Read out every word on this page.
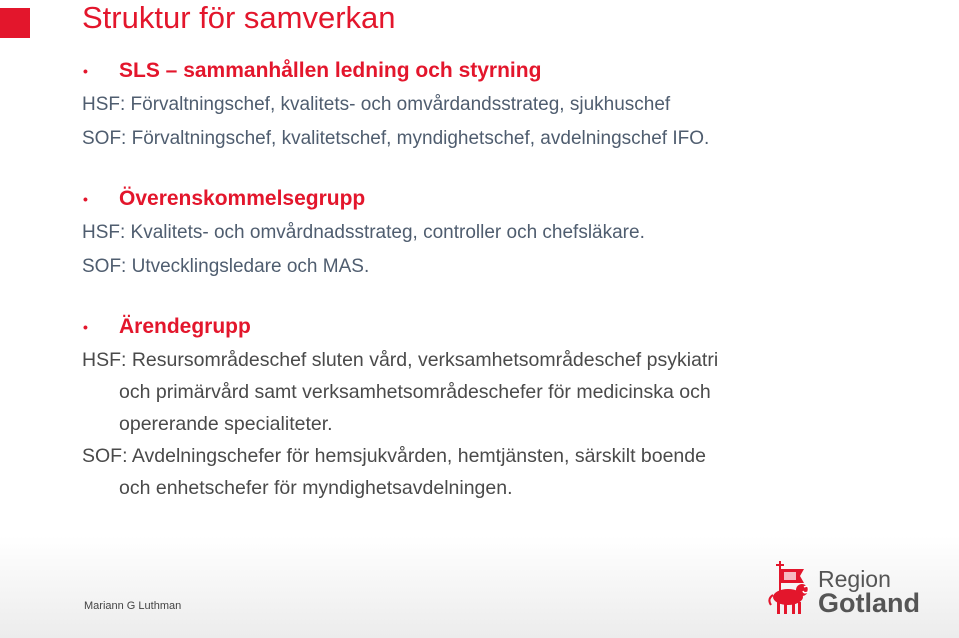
Struktur för samverkan
• SLS – sammanhållen ledning och styrning
HSF: Förvaltningschef, kvalitets- och omvårdandsstrateg, sjukhuschef
SOF: Förvaltningschef, kvalitetschef, myndighetschef, avdelningschef IFO.
• Överenskommelsegrupp
HSF: Kvalitets- och omvårdnadsstrateg, controller och chefsläkare.
SOF: Utvecklingsledare och MAS.
• Ärendegrupp
HSF: Resursområdeschef sluten vård, verksamhetsområdeschef psykiatri
och primärvård samt verksamhetsområdeschefer för medicinska och
opererande specialiteter.
SOF: Avdelningschefer för hemsjukvården, hemtjänsten, särskilt boende
och enhetschefer för myndighetsavdelningen.
Mariann G Luthman
Region
Gotland
